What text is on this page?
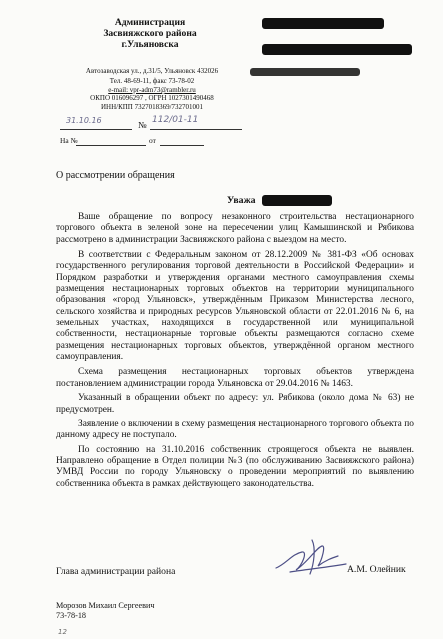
Администрация
Засвияжского района
г.Ульяновска
Автозаводская ул., д.31/5, Ульяновск 432026
Тел. 48-69-11, факс 73-78-02
e-mail: vpr-adm73@rambler.ru
ОКПО 016096297 , ОГРН 1027301490468
ИНН/КПП 7327018369/732701001
31.10.16	№ 112/01-11
На №	от
О рассмотрении обращения
Уважа

Ваше обращение по вопросу незаконного строительства нестационарного торгового объекта в зеленой зоне на пересечении улиц Камышинской и Рябикова рассмотрено в администрации Засвияжского района с выездом на место.

В соответствии с Федеральным законом от 28.12.2009 № 381-ФЗ «Об основах государственного регулирования торговой деятельности в Российской Федерации» и Порядком разработки и утверждения органами местного самоуправления схемы размещения нестационарных торговых объектов на территории муниципального образования «город Ульяновск», утверждённым Приказом Министерства лесного, сельского хозяйства и природных ресурсов Ульяновской области от 22.01.2016 № 6, на земельных участках, находящихся в государственной или муниципальной собственности, нестационарные торговые объекты размещаются согласно схеме размещения нестационарных торговых объектов, утверждённой органом местного самоуправления.

Схема размещения нестационарных торговых объектов утверждена постановлением администрации города Ульяновска от 29.04.2016 № 1463.

Указанный в обращении объект по адресу: ул. Рябикова (около дома № 63) не предусмотрен.

Заявление о включении в схему размещения нестационарного торгового объекта по данному адресу не поступало.

По состоянию на 31.10.2016 собственник строящегося объекта не выявлен. Направлено обращение в Отдел полиции №3 (по обслуживанию Засвияжского района) УМВД России по городу Ульяновску о проведении мероприятий по выявлению собственника объекта в рамках действующего законодательства.

Глава администрации района	А.М. Олейник
Морозов Михаил Сергеевич
73-78-18
12
